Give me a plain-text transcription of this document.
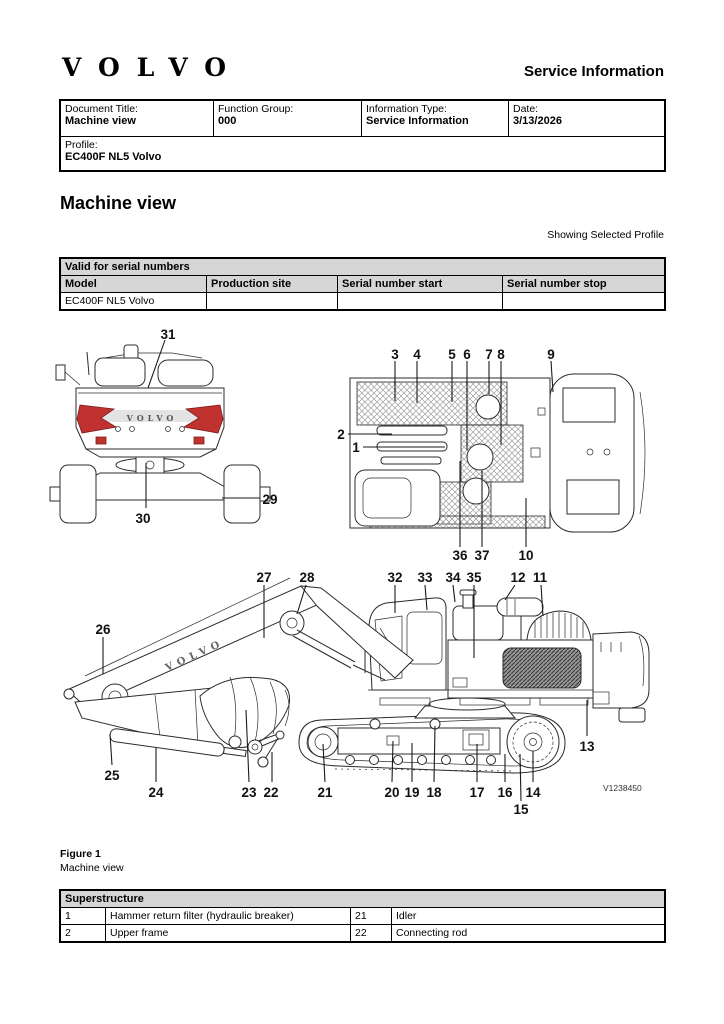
VOLVO	Service Information
Document Title:
Machine view

Function Group:
000

Information Type:
Service Information

Date:
3/13/2026

Profile:
EC400F NL5 Volvo
Machine view
Showing Selected Profile
Valid for serial numbers			
Model	Production site	Serial number start	Serial number stop
EC400F NL5 Volvo			
VOLVO
31
30
29
3 4 5 6 7 8	9
2
1
36 37 10
VOLVO
27 28	32 33 34 35 12 11
26
13
25
24	23 22	21	20 19 18 17 16 14
15
V1238450
Figure 1
Machine view
Superstructure			
1	Hammer return filter (hydraulic breaker)	21	Idler
2	Upper frame	22	Connecting rod
